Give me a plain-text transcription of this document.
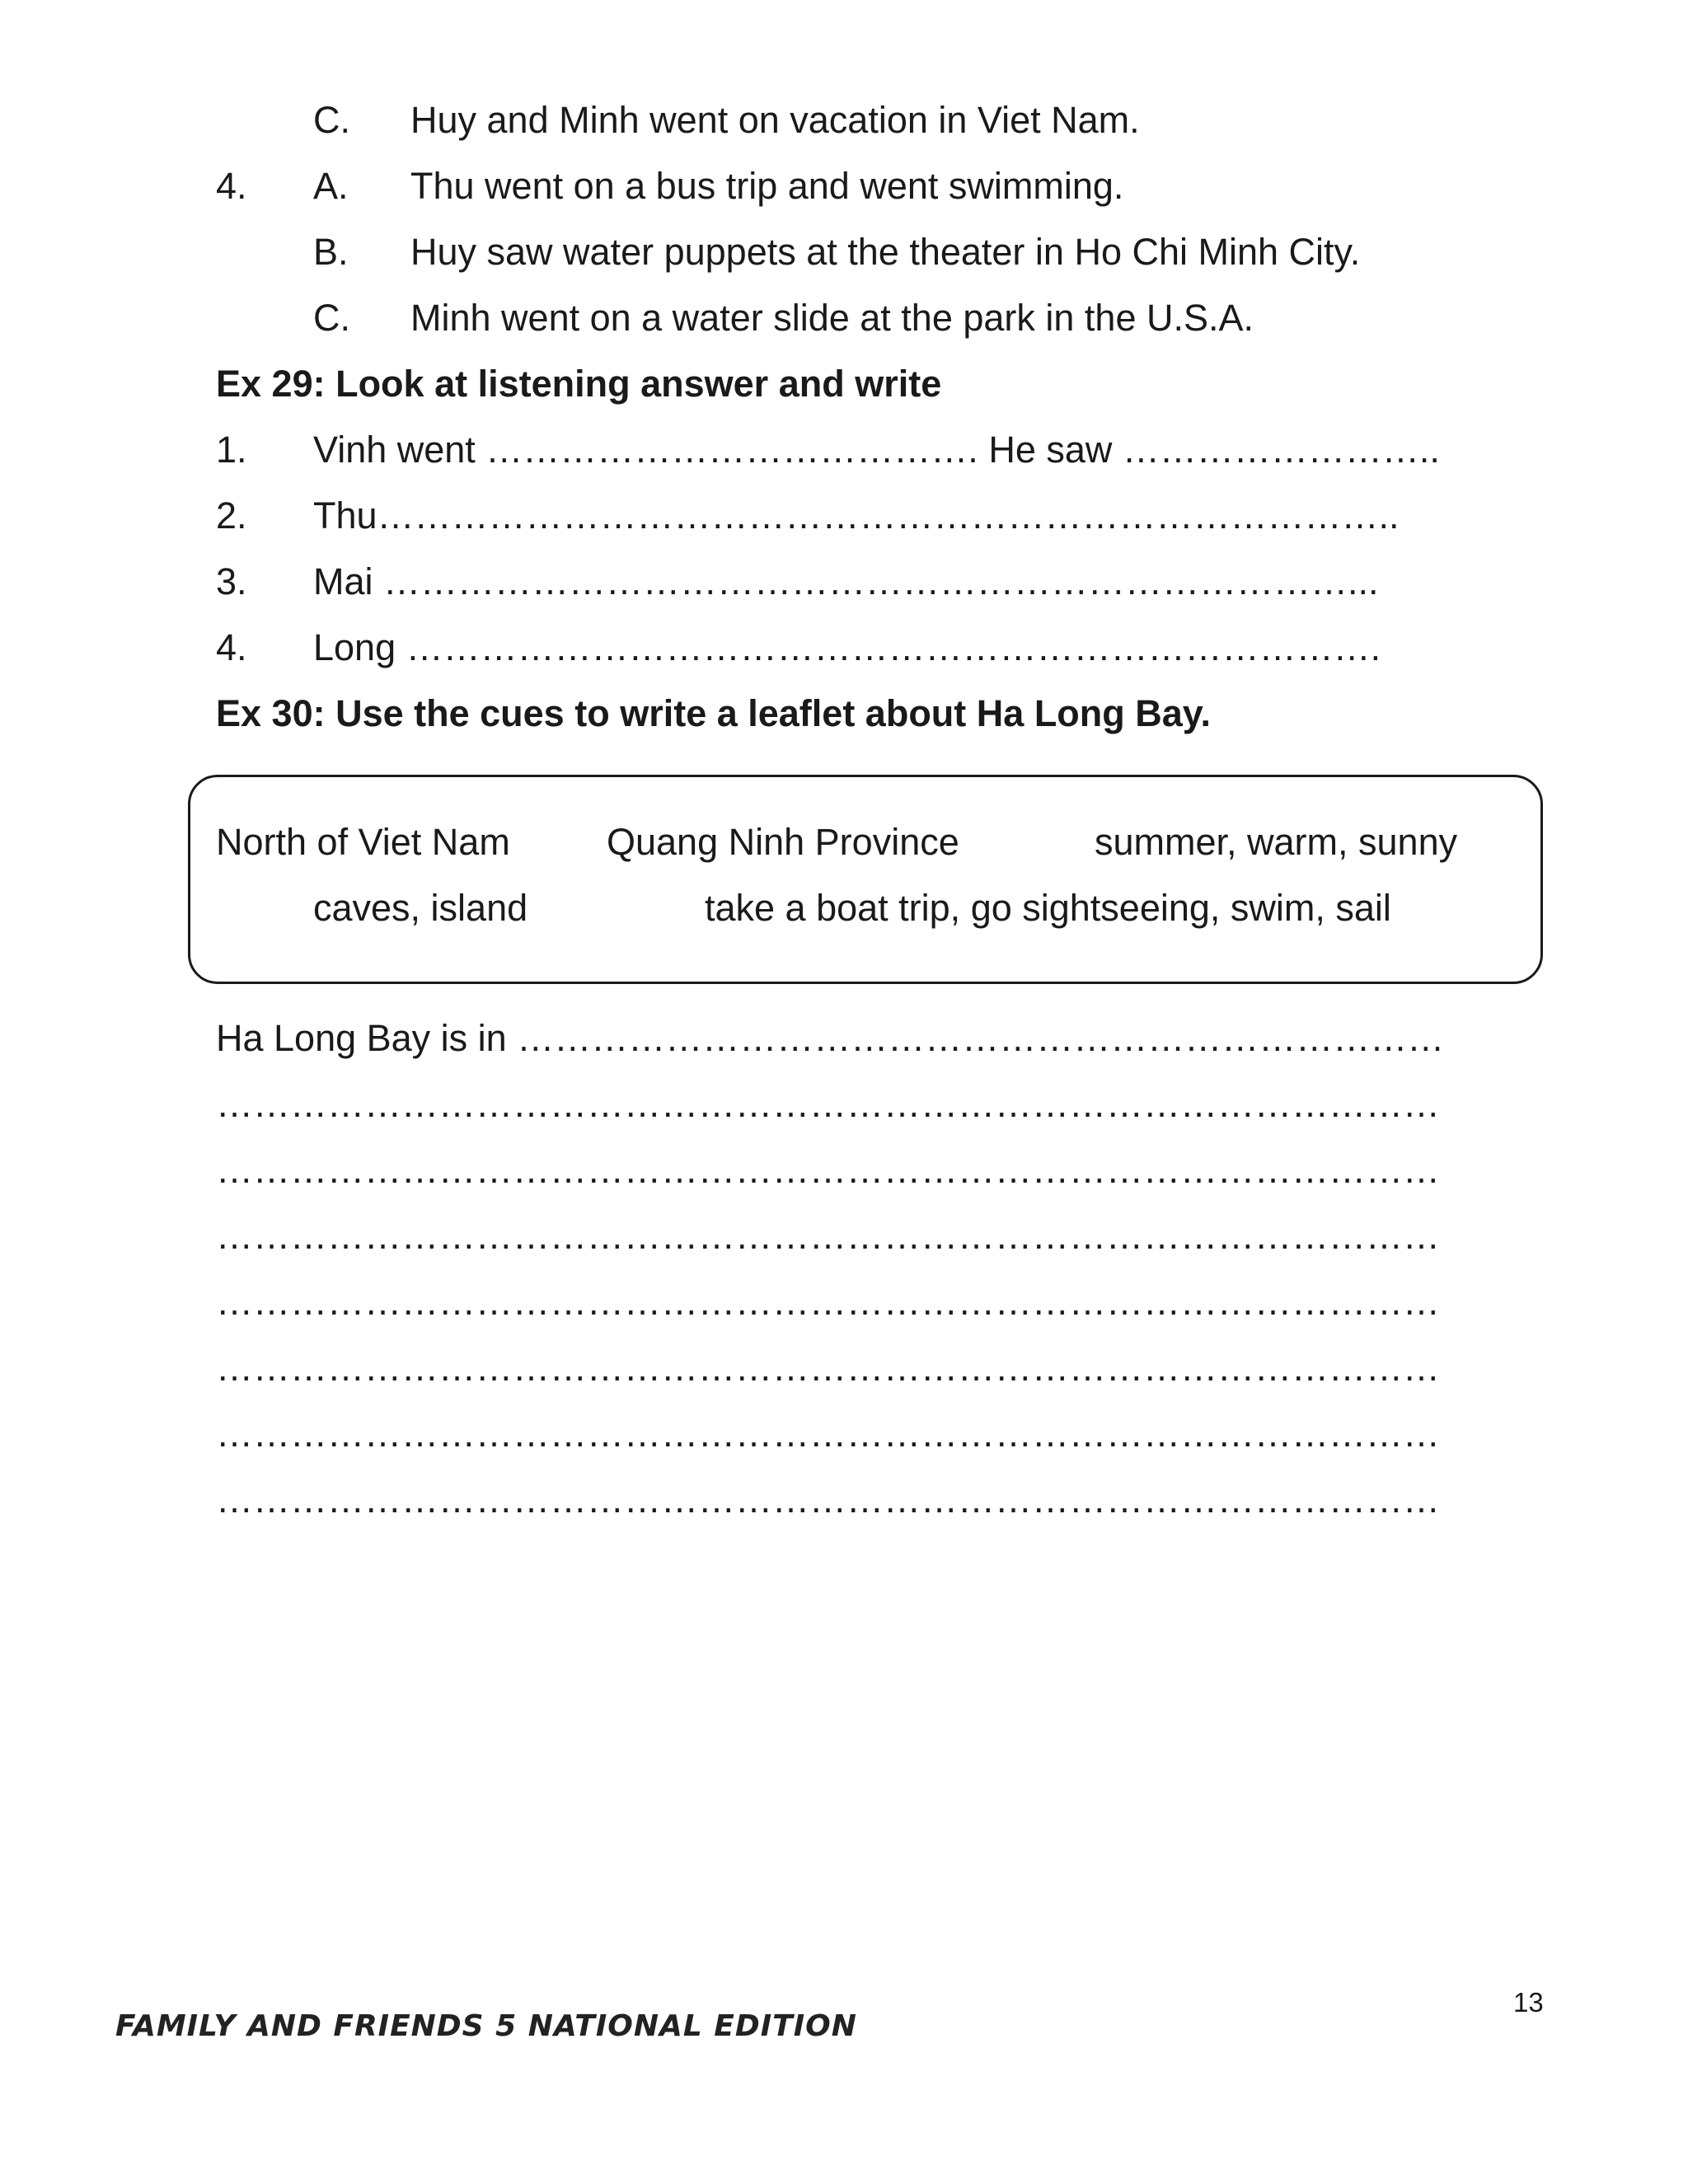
C. Huy and Minh went on vacation in Viet Nam.
4. A. Thu went on a bus trip and went swimming.
B. Huy saw water puppets at the theater in Ho Chi Minh City.
C. Minh went on a water slide at the park in the U.S.A.
Ex 29: Look at listening answer and write
1. Vinh went …………………………………. He saw ……………………..
2. Thu………………………………………………………………………..
3. Mai ……………………………………………………………………...
4. Long …………………………………………………………………….
Ex 30: Use the cues to write a leaflet about Ha Long Bay.
North of Viet Nam	Quang Ninh Province	summer, warm, sunny
caves, island	take a boat trip, go sightseeing, swim, sail
Ha Long Bay is in …………………………………………………………………
………………………………………………………………………………………
………………………………………………………………………………………
………………………………………………………………………………………
………………………………………………………………………………………
………………………………………………………………………………………
………………………………………………………………………………………
………………………………………………………………………………………
13
FAMILY AND FRIENDS 5 NATIONAL EDITION
